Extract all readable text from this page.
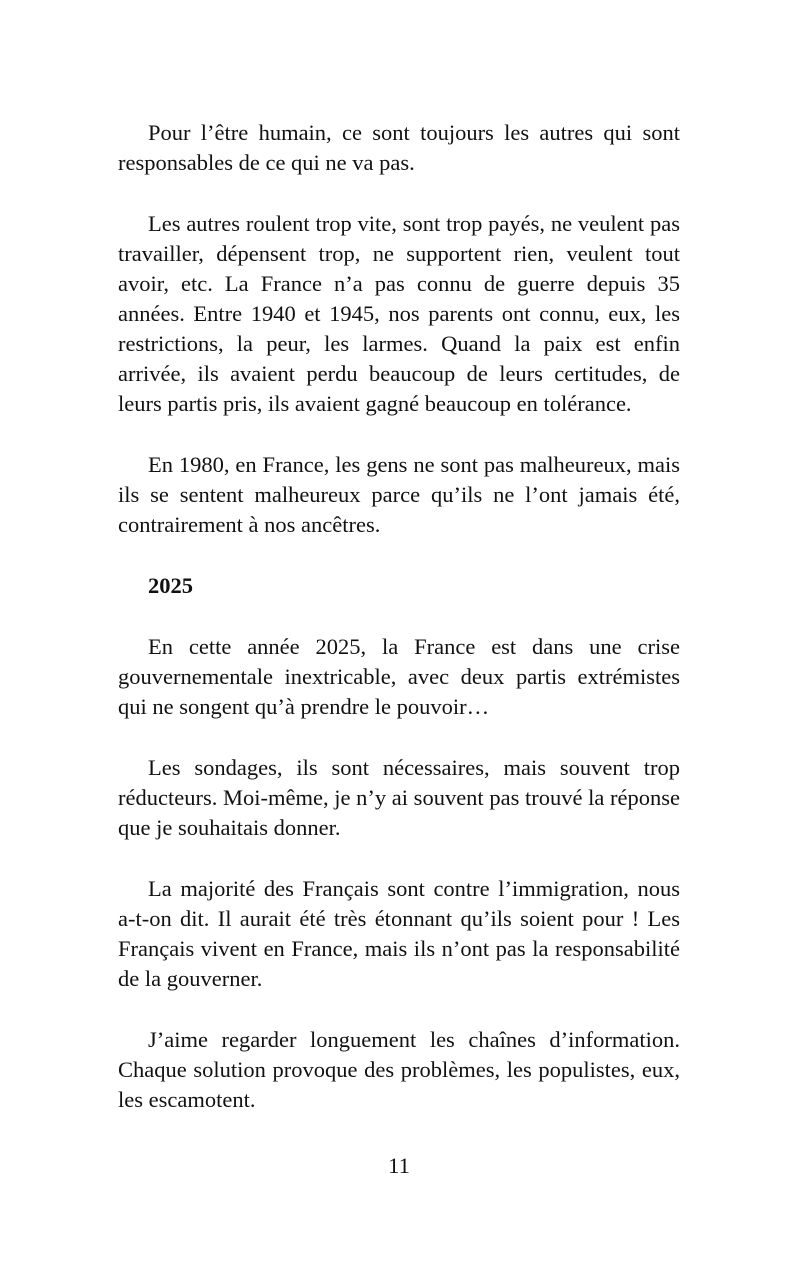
Pour l’être humain, ce sont toujours les autres qui sont responsables de ce qui ne va pas.

Les autres roulent trop vite, sont trop payés, ne veulent pas travailler, dépensent trop, ne supportent rien, veulent tout avoir, etc. La France n’a pas connu de guerre depuis 35 années. Entre 1940 et 1945, nos parents ont connu, eux, les restrictions, la peur, les larmes. Quand la paix est enfin arrivée, ils avaient perdu beaucoup de leurs certitudes, de leurs partis pris, ils avaient gagné beaucoup en tolérance.

En 1980, en France, les gens ne sont pas malheureux, mais ils se sentent malheureux parce qu’ils ne l’ont jamais été, contrairement à nos ancêtres.

2025

En cette année 2025, la France est dans une crise gouvernementale inextricable, avec deux partis extrémistes qui ne songent qu’à prendre le pouvoir…

Les sondages, ils sont nécessaires, mais souvent trop réducteurs. Moi-même, je n’y ai souvent pas trouvé la réponse que je souhaitais donner.

La majorité des Français sont contre l’immigration, nous a-t-on dit. Il aurait été très étonnant qu’ils soient pour ! Les Français vivent en France, mais ils n’ont pas la responsabilité de la gouverner.

J’aime regarder longuement les chaînes d’information. Chaque solution provoque des problèmes, les populistes, eux, les escamotent.

11
